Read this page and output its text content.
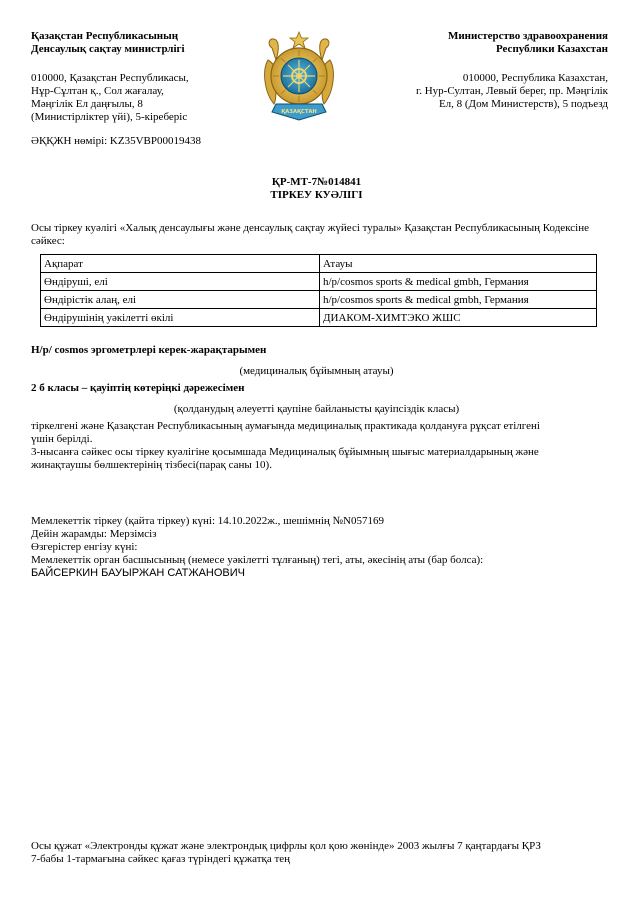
Қазақстан Республикасының
Денсаулық сақтау министрлігі
Министерство здравоохранения
Республики Казахстан
ҚАЗАҚСТАН
010000, Қазақстан Республикасы,
Нұр-Сұлтан қ., Сол жағалау,
Мәңгілік Ел даңғылы, 8
(Министірліктер үйі), 5-кіреберіс
010000, Республика Казахстан,
г. Нур-Султан, Левый берег, пр. Мәңгілік
Ел, 8 (Дом Министерств), 5 подъезд
ӘҚҚЖН нөмірі: KZ35VBP00019438
ҚР-МТ-7№014841
ТІРКЕУ КУӘЛІГІ
Осы тіркеу куәлігі «Халық денсаулығы және денсаулық сақтау жүйесі туралы» Қазақстан Республикасының Кодексіне сәйкес:
Ақпарат	Атауы
Өндіруші, елі	h/p/cosmos sports & medical gmbh, Германия
Өндірістік алаң, елі	h/p/cosmos sports & medical gmbh, Германия
Өндірушінің уәкілетті өкілі	ДИАКОМ-ХИМТЭКО ЖШС
H/p/ cosmos эргометрлері керек-жарақтарымен
(медициналық бұйымның атауы)
2 б класы – қауіптің көтеріңкі дәрежесімен
(қолданудың әлеуетті қаупіне байланысты қауіпсіздік класы)
тіркелгені және Қазақстан Республикасының аумағында медициналық практикада қолдануға рұқсат етілгені
үшін берілді.
3-нысанға сәйкес осы тіркеу куәлігіне қосымшада Медициналық бұйымның шығыс материалдарының және
жинақтаушы бөлшектерінің тізбесі(парақ саны 10).
Мемлекеттік тіркеу (қайта тіркеу) күні: 14.10.2022ж., шешімнің №N057169
Дейін жарамды: Мерзімсіз
Өзгерістер енгізу күні:
Мемлекеттік орган басшысының (немесе уәкілетті тұлғаның) тегі, аты, әкесінің аты (бар болса):
БАЙСЕРКИН БАУЫРЖАН САТЖАНОВИЧ
Осы құжат «Электронды құжат және электрондық цифрлы қол қою жөнінде» 2003 жылғы 7 қаңтардағы ҚРЗ
7-бабы 1-тармағына сәйкес қағаз түріндегі құжатқа тең
